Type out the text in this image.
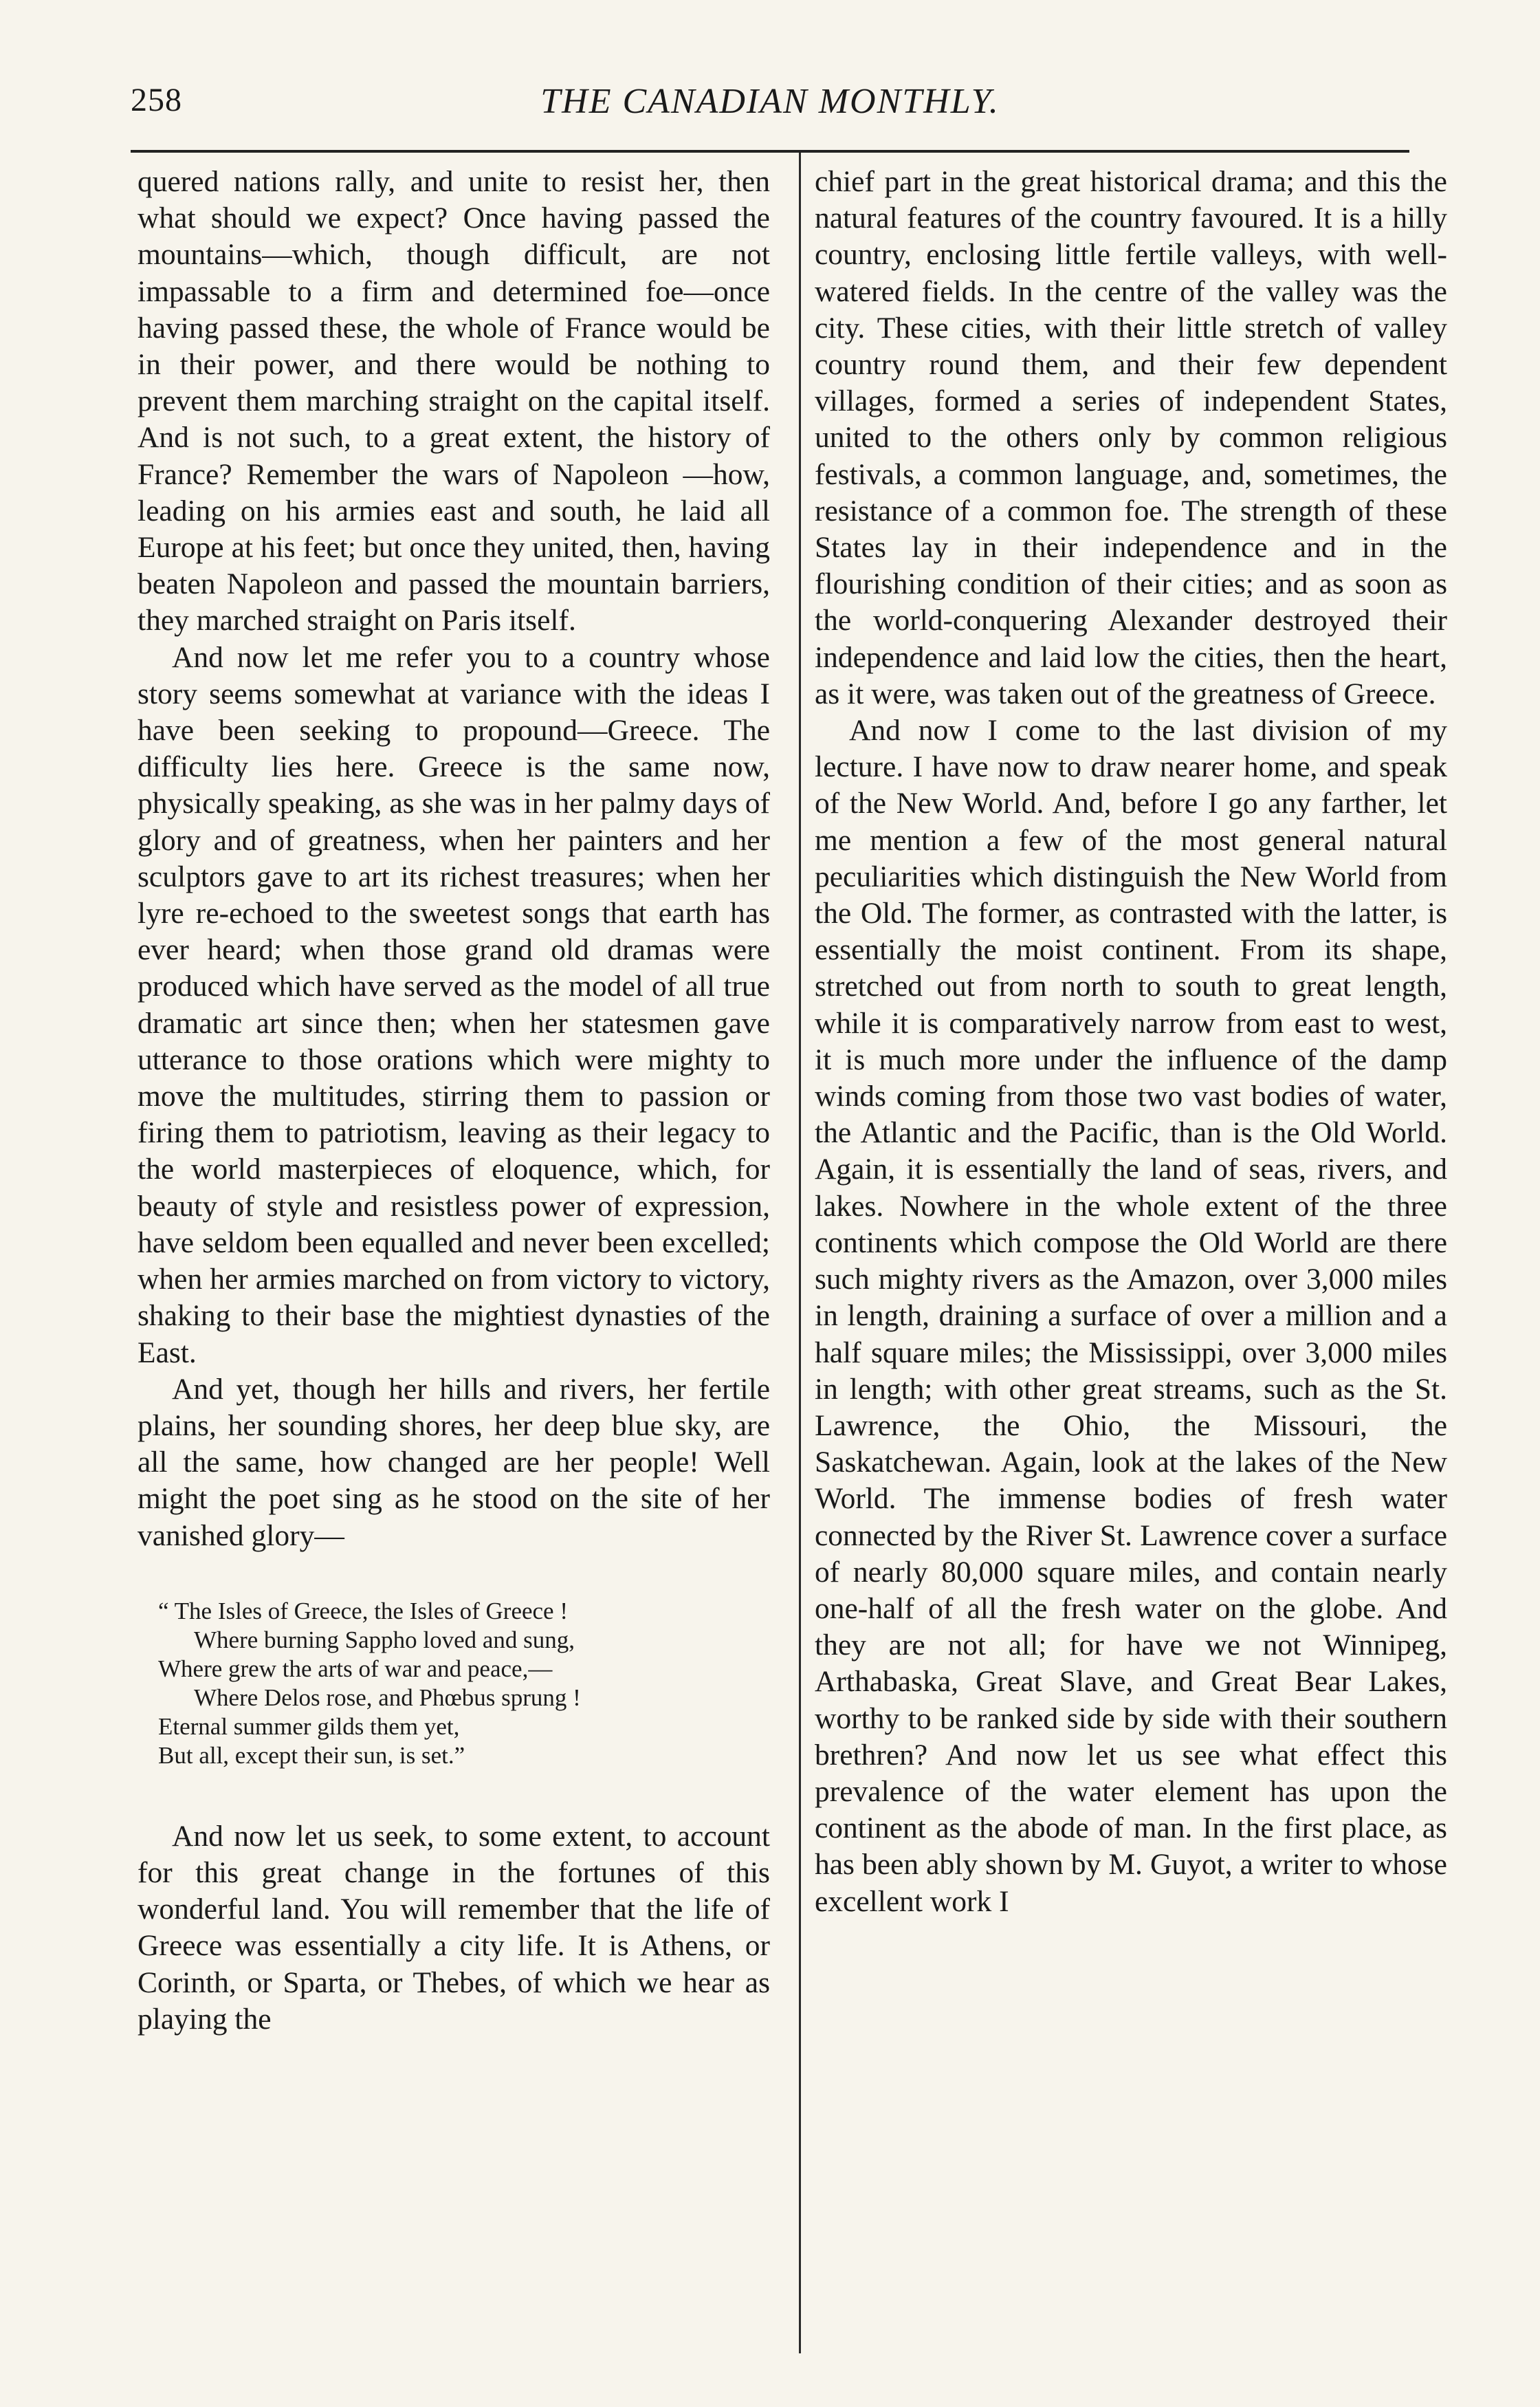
258	THE CANADIAN MONTHLY.

quered nations rally, and unite to resist her, then what should we expect? Once having passed the mountains—which, though difficult, are not impassable to a firm and determined foe—once having passed these, the whole of France would be in their power, and there would be nothing to prevent them marching straight on the capital itself. And is not such, to a great extent, the history of France? Remember the wars of Napoleon —how, leading on his armies east and south, he laid all Europe at his feet; but once they united, then, having beaten Napoleon and passed the mountain barriers, they marched straight on Paris itself.

And now let me refer you to a country whose story seems somewhat at variance with the ideas I have been seeking to propound—Greece. The difficulty lies here. Greece is the same now, physically speaking, as she was in her palmy days of glory and of greatness, when her painters and her sculptors gave to art its richest treasures; when her lyre re-echoed to the sweetest songs that earth has ever heard; when those grand old dramas were produced which have served as the model of all true dramatic art since then; when her statesmen gave utterance to those orations which were mighty to move the multitudes, stirring them to passion or firing them to patriotism, leaving as their legacy to the world masterpieces of eloquence, which, for beauty of style and resistless power of expression, have seldom been equalled and never been excelled; when her armies marched on from victory to victory, shaking to their base the mightiest dynasties of the East.

And yet, though her hills and rivers, her fertile plains, her sounding shores, her deep blue sky, are all the same, how changed are her people! Well might the poet sing as he stood on the site of her vanished glory—

“ The Isles of Greece, the Isles of Greece !
Where burning Sappho loved and sung,
Where grew the arts of war and peace,—
Where Delos rose, and Phœbus sprung !
Eternal summer gilds them yet,
But all, except their sun, is set.”

And now let us seek, to some extent, to account for this great change in the fortunes of this wonderful land. You will remember that the life of Greece was essentially a city life. It is Athens, or Corinth, or Sparta, or Thebes, of which we hear as playing the

chief part in the great historical drama; and this the natural features of the country favoured. It is a hilly country, enclosing little fertile valleys, with well-watered fields. In the centre of the valley was the city. These cities, with their little stretch of valley country round them, and their few dependent villages, formed a series of independent States, united to the others only by common religious festivals, a common language, and, sometimes, the resistance of a common foe. The strength of these States lay in their independence and in the flourishing condition of their cities; and as soon as the world-conquering Alexander destroyed their independence and laid low the cities, then the heart, as it were, was taken out of the greatness of Greece.

And now I come to the last division of my lecture. I have now to draw nearer home, and speak of the New World. And, before I go any farther, let me mention a few of the most general natural peculiarities which distinguish the New World from the Old. The former, as contrasted with the latter, is essentially the moist continent. From its shape, stretched out from north to south to great length, while it is comparatively narrow from east to west, it is much more under the influence of the damp winds coming from those two vast bodies of water, the Atlantic and the Pacific, than is the Old World. Again, it is essentially the land of seas, rivers, and lakes. Nowhere in the whole extent of the three continents which compose the Old World are there such mighty rivers as the Amazon, over 3,000 miles in length, draining a surface of over a million and a half square miles; the Mississippi, over 3,000 miles in length; with other great streams, such as the St. Lawrence, the Ohio, the Missouri, the Saskatchewan. Again, look at the lakes of the New World. The immense bodies of fresh water connected by the River St. Lawrence cover a surface of nearly 80,000 square miles, and contain nearly one-half of all the fresh water on the globe. And they are not all; for have we not Winnipeg, Arthabaska, Great Slave, and Great Bear Lakes, worthy to be ranked side by side with their southern brethren? And now let us see what effect this prevalence of the water element has upon the continent as the abode of man. In the first place, as has been ably shown by M. Guyot, a writer to whose excellent work I
